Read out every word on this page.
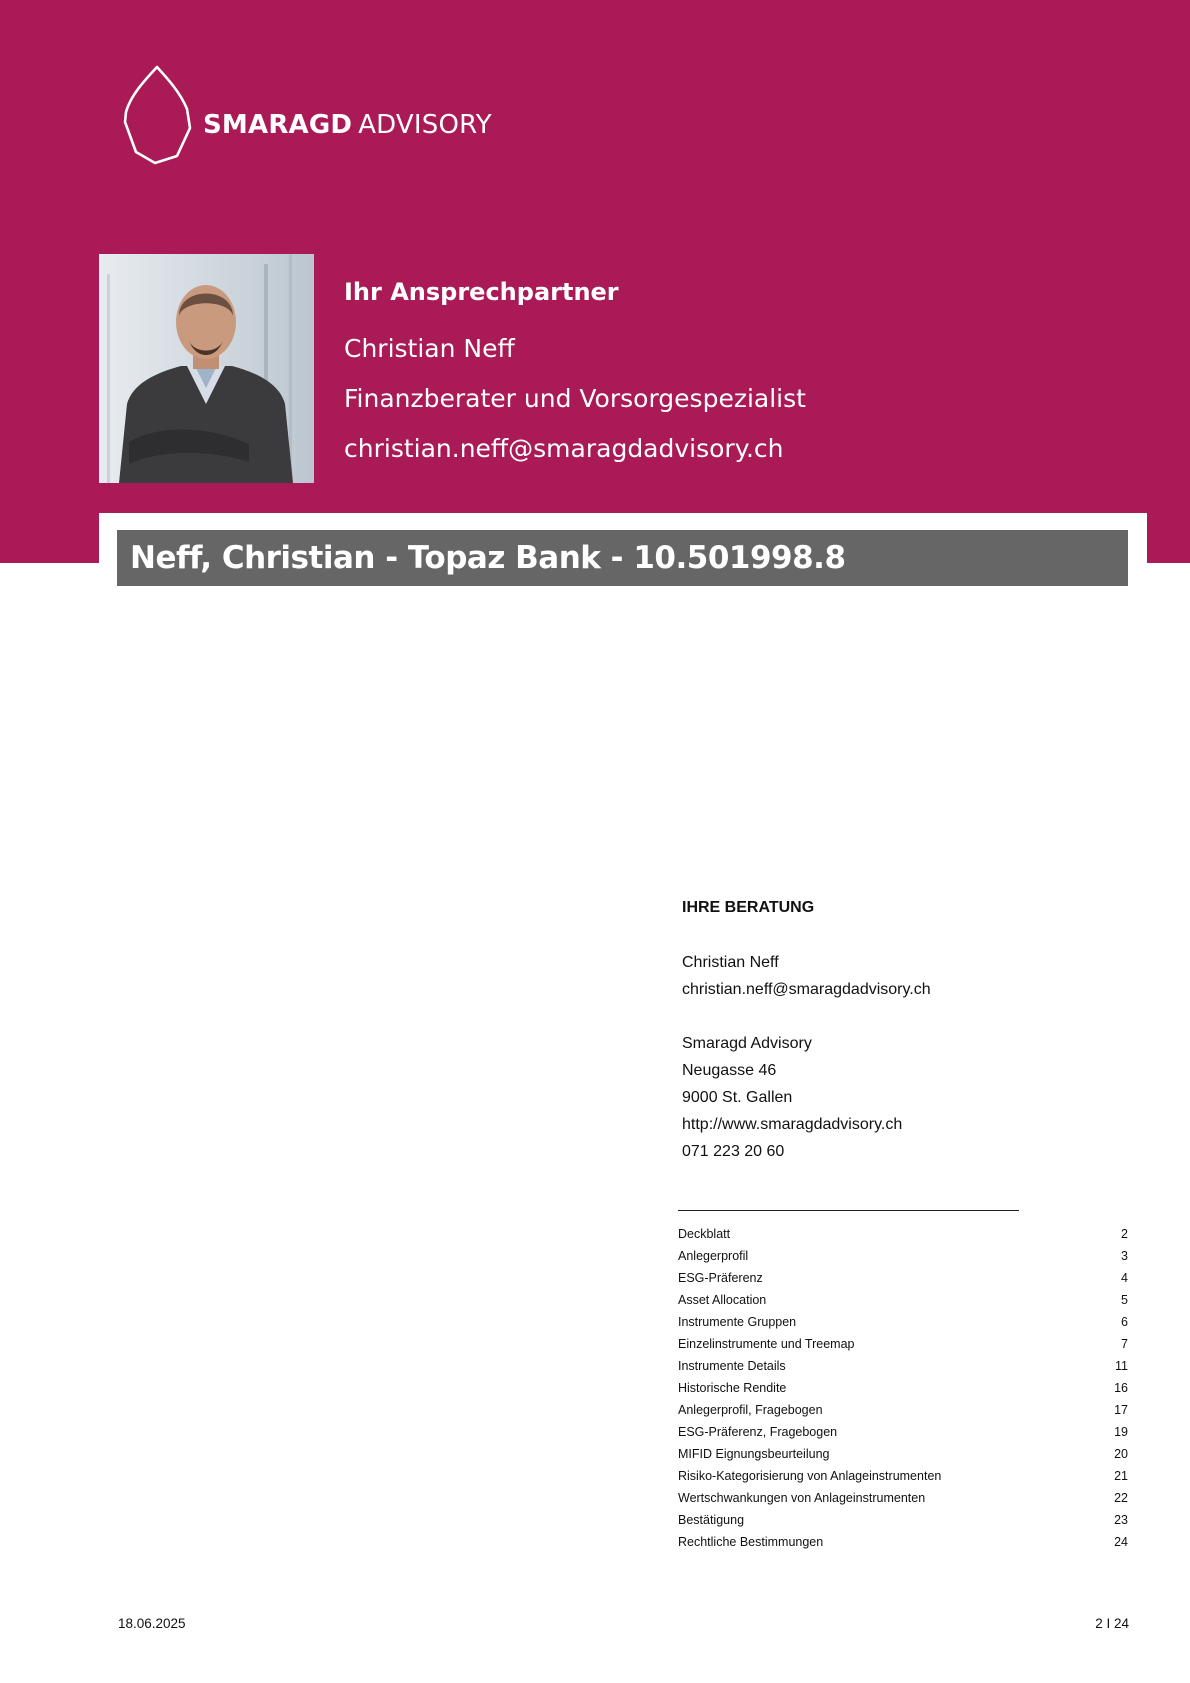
SMARAGD ADVISORY
Ihr Ansprechpartner
Christian Neff
Finanzberater und Vorsorgespezialist
christian.neff@smaragdadvisory.ch
Neff, Christian - Topaz Bank - 10.501998.8
IHRE BERATUNG
Christian Neff
christian.neff@smaragdadvisory.ch
Smaragd Advisory
Neugasse 46
9000 St. Gallen
http://www.smaragdadvisory.ch
071 223 20 60
Deckblatt	2
Anlegerprofil	3
ESG-Präferenz	4
Asset Allocation	5
Instrumente Gruppen	6
Einzelinstrumente und Treemap	7
Instrumente Details	11
Historische Rendite	16
Anlegerprofil, Fragebogen	17
ESG-Präferenz, Fragebogen	19
MIFID Eignungsbeurteilung	20
Risiko-Kategorisierung von Anlageinstrumenten	21
Wertschwankungen von Anlageinstrumenten	22
Bestätigung	23
Rechtliche Bestimmungen	24
18.06.2025	2 I 24
